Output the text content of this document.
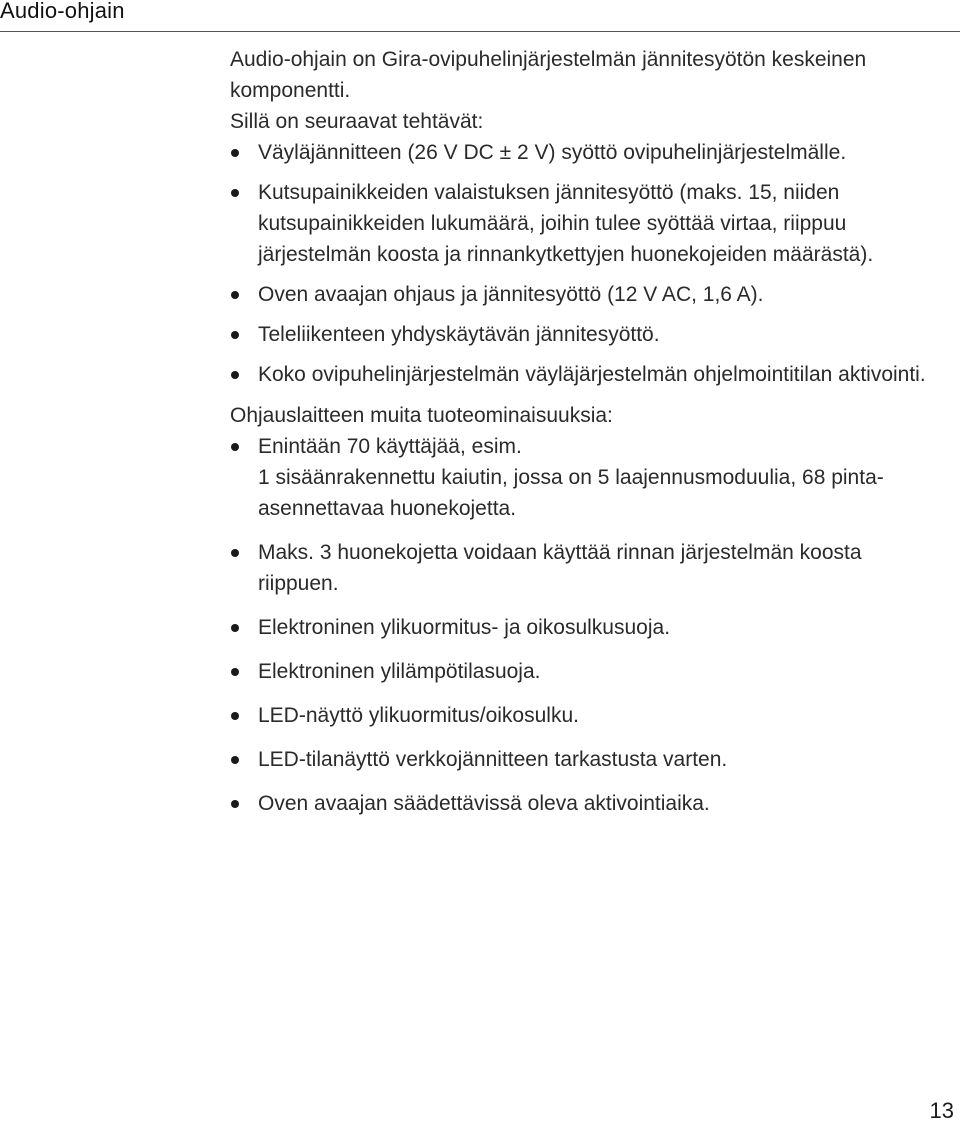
Audio-ohjain

Audio-ohjain on Gira-ovipuhelinjärjestelmän jännitesyötön keskeinen komponentti.
Sillä on seuraavat tehtävät:

Väyläjännitteen (26 V DC ± 2 V) syöttö ovipuhelinjärjestelmälle.
Kutsupainikkeiden valaistuksen jännitesyöttö (maks. 15, niiden kutsupainikkeiden lukumäärä, joihin tulee syöttää virtaa, riippuu järjestelmän koosta ja rinnankytkettyjen huonekojeiden määrästä).
Oven avaajan ohjaus ja jännitesyöttö (12 V AC, 1,6 A).
Teleliikenteen yhdyskäytävän jännitesyöttö.
Koko ovipuhelinjärjestelmän väyläjärjestelmän ohjelmointitilan aktivointi.

Ohjauslaitteen muita tuoteominaisuuksia:

Enintään 70 käyttäjää, esim.
1 sisäänrakennettu kaiutin, jossa on 5 laajennusmoduulia, 68 pinta-asennettavaa huonekojetta.
Maks. 3 huonekojetta voidaan käyttää rinnan järjestelmän koosta riippuen.
Elektroninen ylikuormitus- ja oikosulkusuoja.
Elektroninen ylilämpötilasuoja.
LED-näyttö ylikuormitus/oikosulku.
LED-tilanäyttö verkkojännitteen tarkastusta varten.
Oven avaajan säädettävissä oleva aktivointiaika.
13
